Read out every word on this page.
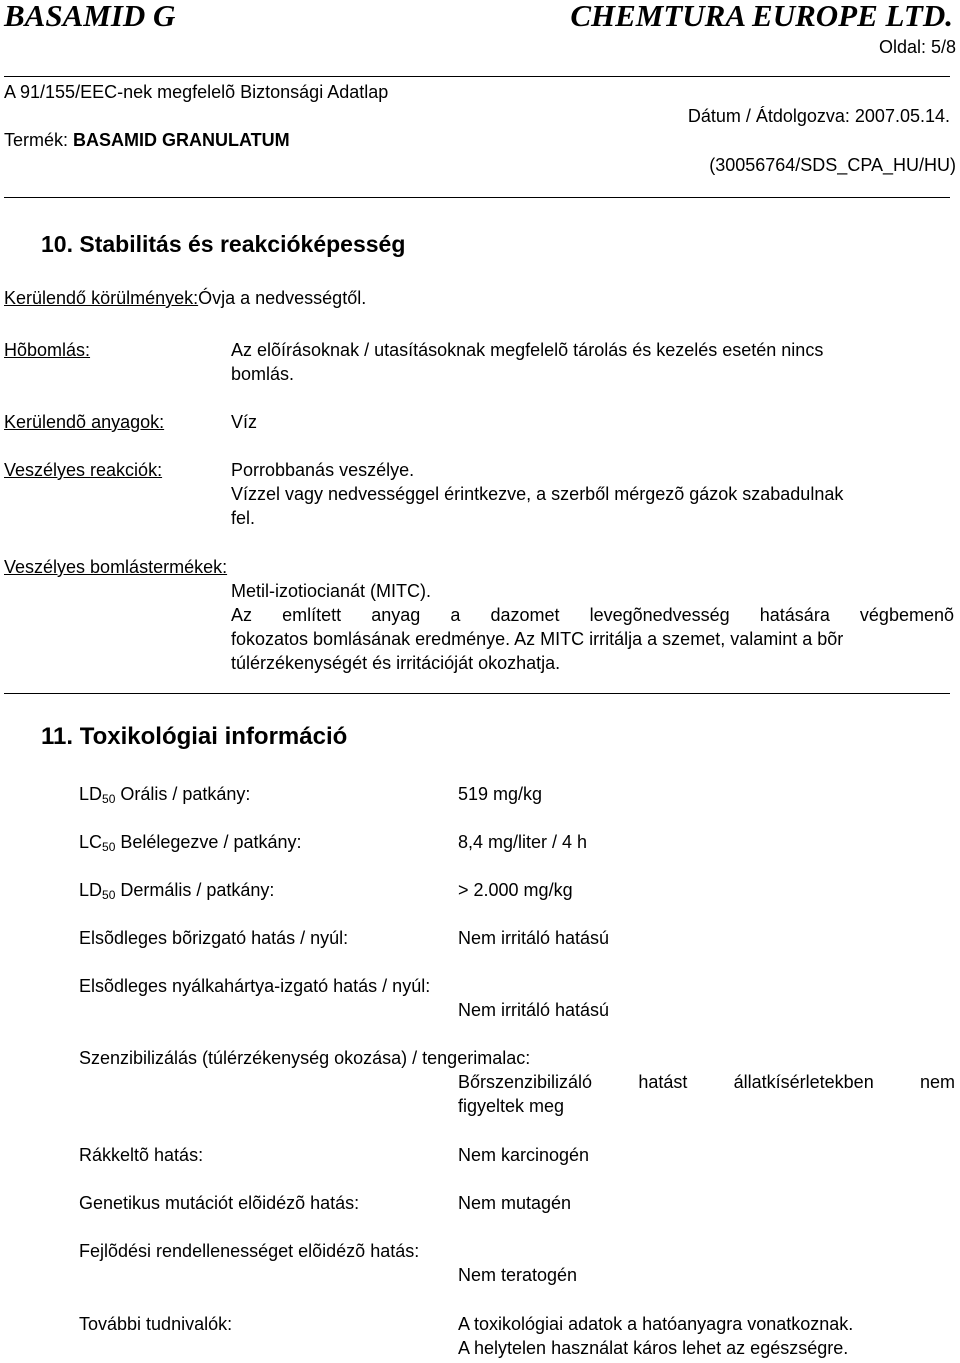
BASAMID G	CHEMTURA EUROPE LTD.
Oldal: 5/8
A 91/155/EEC-nek megfelelõ Biztonsági Adatlap
Dátum / Átdolgozva: 2007.05.14.
Termék: BASAMID GRANULATUM
(30056764/SDS_CPA_HU/HU)
10. Stabilitás és reakcióképesség
Kerülendő körülmények:Óvja a nedvességtől.
Hõbomlás:	Az elõírásoknak / utasításoknak megfelelõ tárolás és kezelés esetén nincs
bomlás.
Kerülendõ anyagok:	Víz
Veszélyes reakciók:	Porrobbanás veszélye.
Vízzel vagy nedvességgel érintkezve, a szerből mérgezõ gázok szabadulnak
fel.
Veszélyes bomlástermékek:
Metil-izotiocianát (MITC).
Az említett anyag a dazomet levegõnedvesség hatására végbemenõ
fokozatos bomlásának eredménye. Az MITC irritálja a szemet, valamint a bõr
túlérzékenységét és irritációját okozhatja.
11. Toxikológiai információ
$LD_{50}$ Orális / patkány:	519 mg/kg
$LC_{50}$ Belélegezve / patkány:	8,4 mg/liter / 4 h
$LD_{50}$ Dermális / patkány:	> 2.000 mg/kg
Elsõdleges bõrizgató hatás / nyúl:	Nem irritáló hatású
Elsõdleges nyálkahártya-izgató hatás / nyúl:
Nem irritáló hatású
Szenzibilizálás (túlérzékenység okozása) / tengerimalac:
Bőrszenzibilizáló hatást állatkísérletekben nem
figyeltek meg
Rákkeltõ hatás:	Nem karcinogén
Genetikus mutációt elõidézõ hatás:	Nem mutagén
Fejlõdési rendellenességet elõidézõ hatás:
Nem teratogén
További tudnivalók:	A toxikológiai adatok a hatóanyagra vonatkoznak.
A helytelen használat káros lehet az egészségre.
